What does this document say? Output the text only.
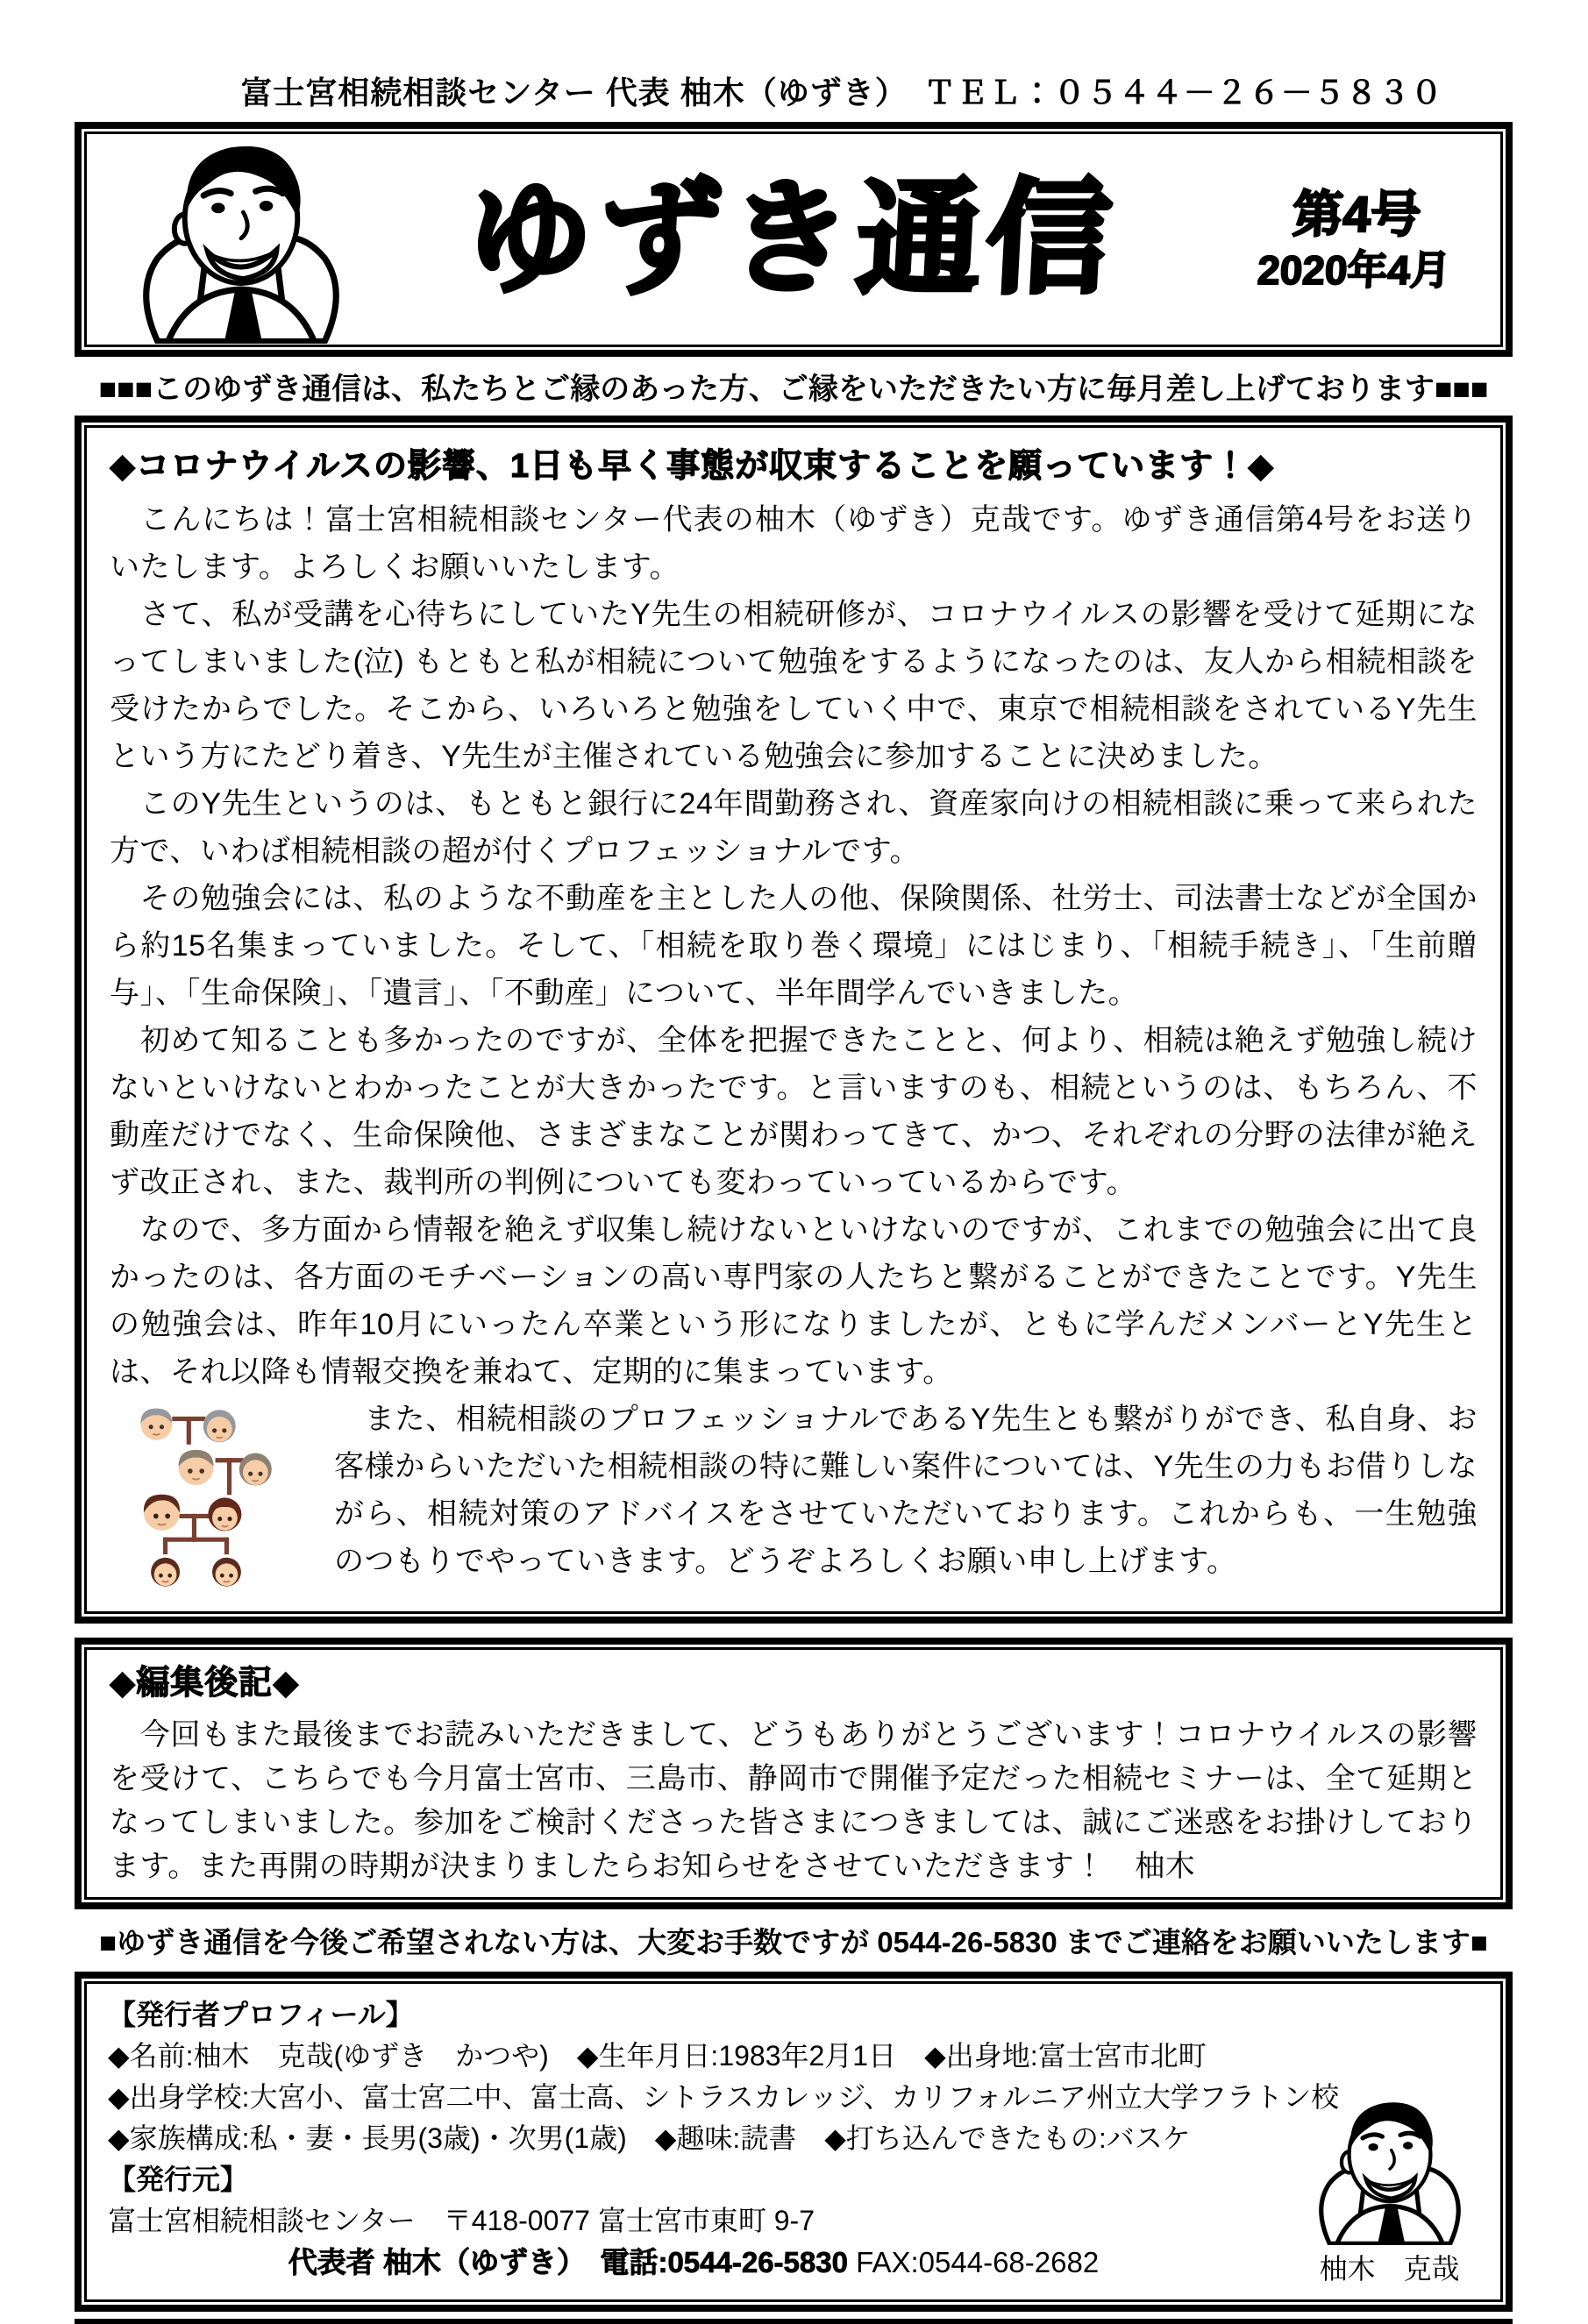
富士宮相続相談センター 代表 柚木（ゆずき）　ＴＥＬ：０５４４－２６－５８３０
ゆずき通信	第4号
2020年4月
■■■このゆずき通信は、私たちとご縁のあった方、ご縁をいただきたい方に毎月差し上げております■■■
◆コロナウイルスの影響、1日も早く事態が収束することを願っています！◆

　こんにちは！富士宮相続相談センター代表の柚木（ゆずき）克哉です。ゆずき通信第4号をお送りいたします。よろしくお願いいたします。

　さて、私が受講を心待ちにしていたY先生の相続研修が、コロナウイルスの影響を受けて延期になってしまいました(泣) もともと私が相続について勉強をするようになったのは、友人から相続相談を受けたからでした。そこから、いろいろと勉強をしていく中で、東京で相続相談をされているY先生という方にたどり着き、Y先生が主催されている勉強会に参加することに決めました。

　このY先生というのは、もともと銀行に24年間勤務され、資産家向けの相続相談に乗って来られた方で、いわば相続相談の超が付くプロフェッショナルです。

　その勉強会には、私のような不動産を主とした人の他、保険関係、社労士、司法書士などが全国から約15名集まっていました。そして、「相続を取り巻く環境」にはじまり、「相続手続き」、「生前贈与」、「生命保険」、「遺言」、「不動産」について、半年間学んでいきました。

　初めて知ることも多かったのですが、全体を把握できたことと、何より、相続は絶えず勉強し続けないといけないとわかったことが大きかったです。と言いますのも、相続というのは、もちろん、不動産だけでなく、生命保険他、さまざまなことが関わってきて、かつ、それぞれの分野の法律が絶えず改正され、また、裁判所の判例についても変わっていっているからです。

　なので、多方面から情報を絶えず収集し続けないといけないのですが、これまでの勉強会に出て良かったのは、各方面のモチベーションの高い専門家の人たちと繋がることができたことです。Y先生の勉強会は、昨年10月にいったん卒業という形になりましたが、ともに学んだメンバーとY先生とは、それ以降も情報交換を兼ねて、定期的に集まっています。

　また、相続相談のプロフェッショナルであるY先生とも繋がりができ、私自身、お客様からいただいた相続相談の特に難しい案件については、Y先生の力もお借りしながら、相続対策のアドバイスをさせていただいております。これからも、一生勉強のつもりでやっていきます。どうぞよろしくお願い申し上げます。

◆編集後記◆

　今回もまた最後までお読みいただきまして、どうもありがとうございます！コロナウイルスの影響を受けて、こちらでも今月富士宮市、三島市、静岡市で開催予定だった相続セミナーは、全て延期となってしまいました。参加をご検討くださった皆さまにつきましては、誠にご迷惑をお掛けしております。また再開の時期が決まりましたらお知らせをさせていただきます！　柚木

■ゆずき通信を今後ご希望されない方は、大変お手数ですが 0544-26-5830 までご連絡をお願いいたします■
【発行者プロフィール】
◆名前:柚木　克哉(ゆずき　かつや)　◆生年月日:1983年2月1日　◆出身地:富士宮市北町
◆出身学校:大宮小、富士宮二中、富士高、シトラスカレッジ、カリフォルニア州立大学フラトン校
◆家族構成:私・妻・長男(3歳)・次男(1歳)　◆趣味:読書　◆打ち込んできたもの:バスケ
【発行元】
富士宮相続相談センター　〒418-0077 富士宮市東町 9-7
代表者 柚木（ゆずき）　電話:0544-26-5830 FAX:0544-68-2682	柚木　克哉
